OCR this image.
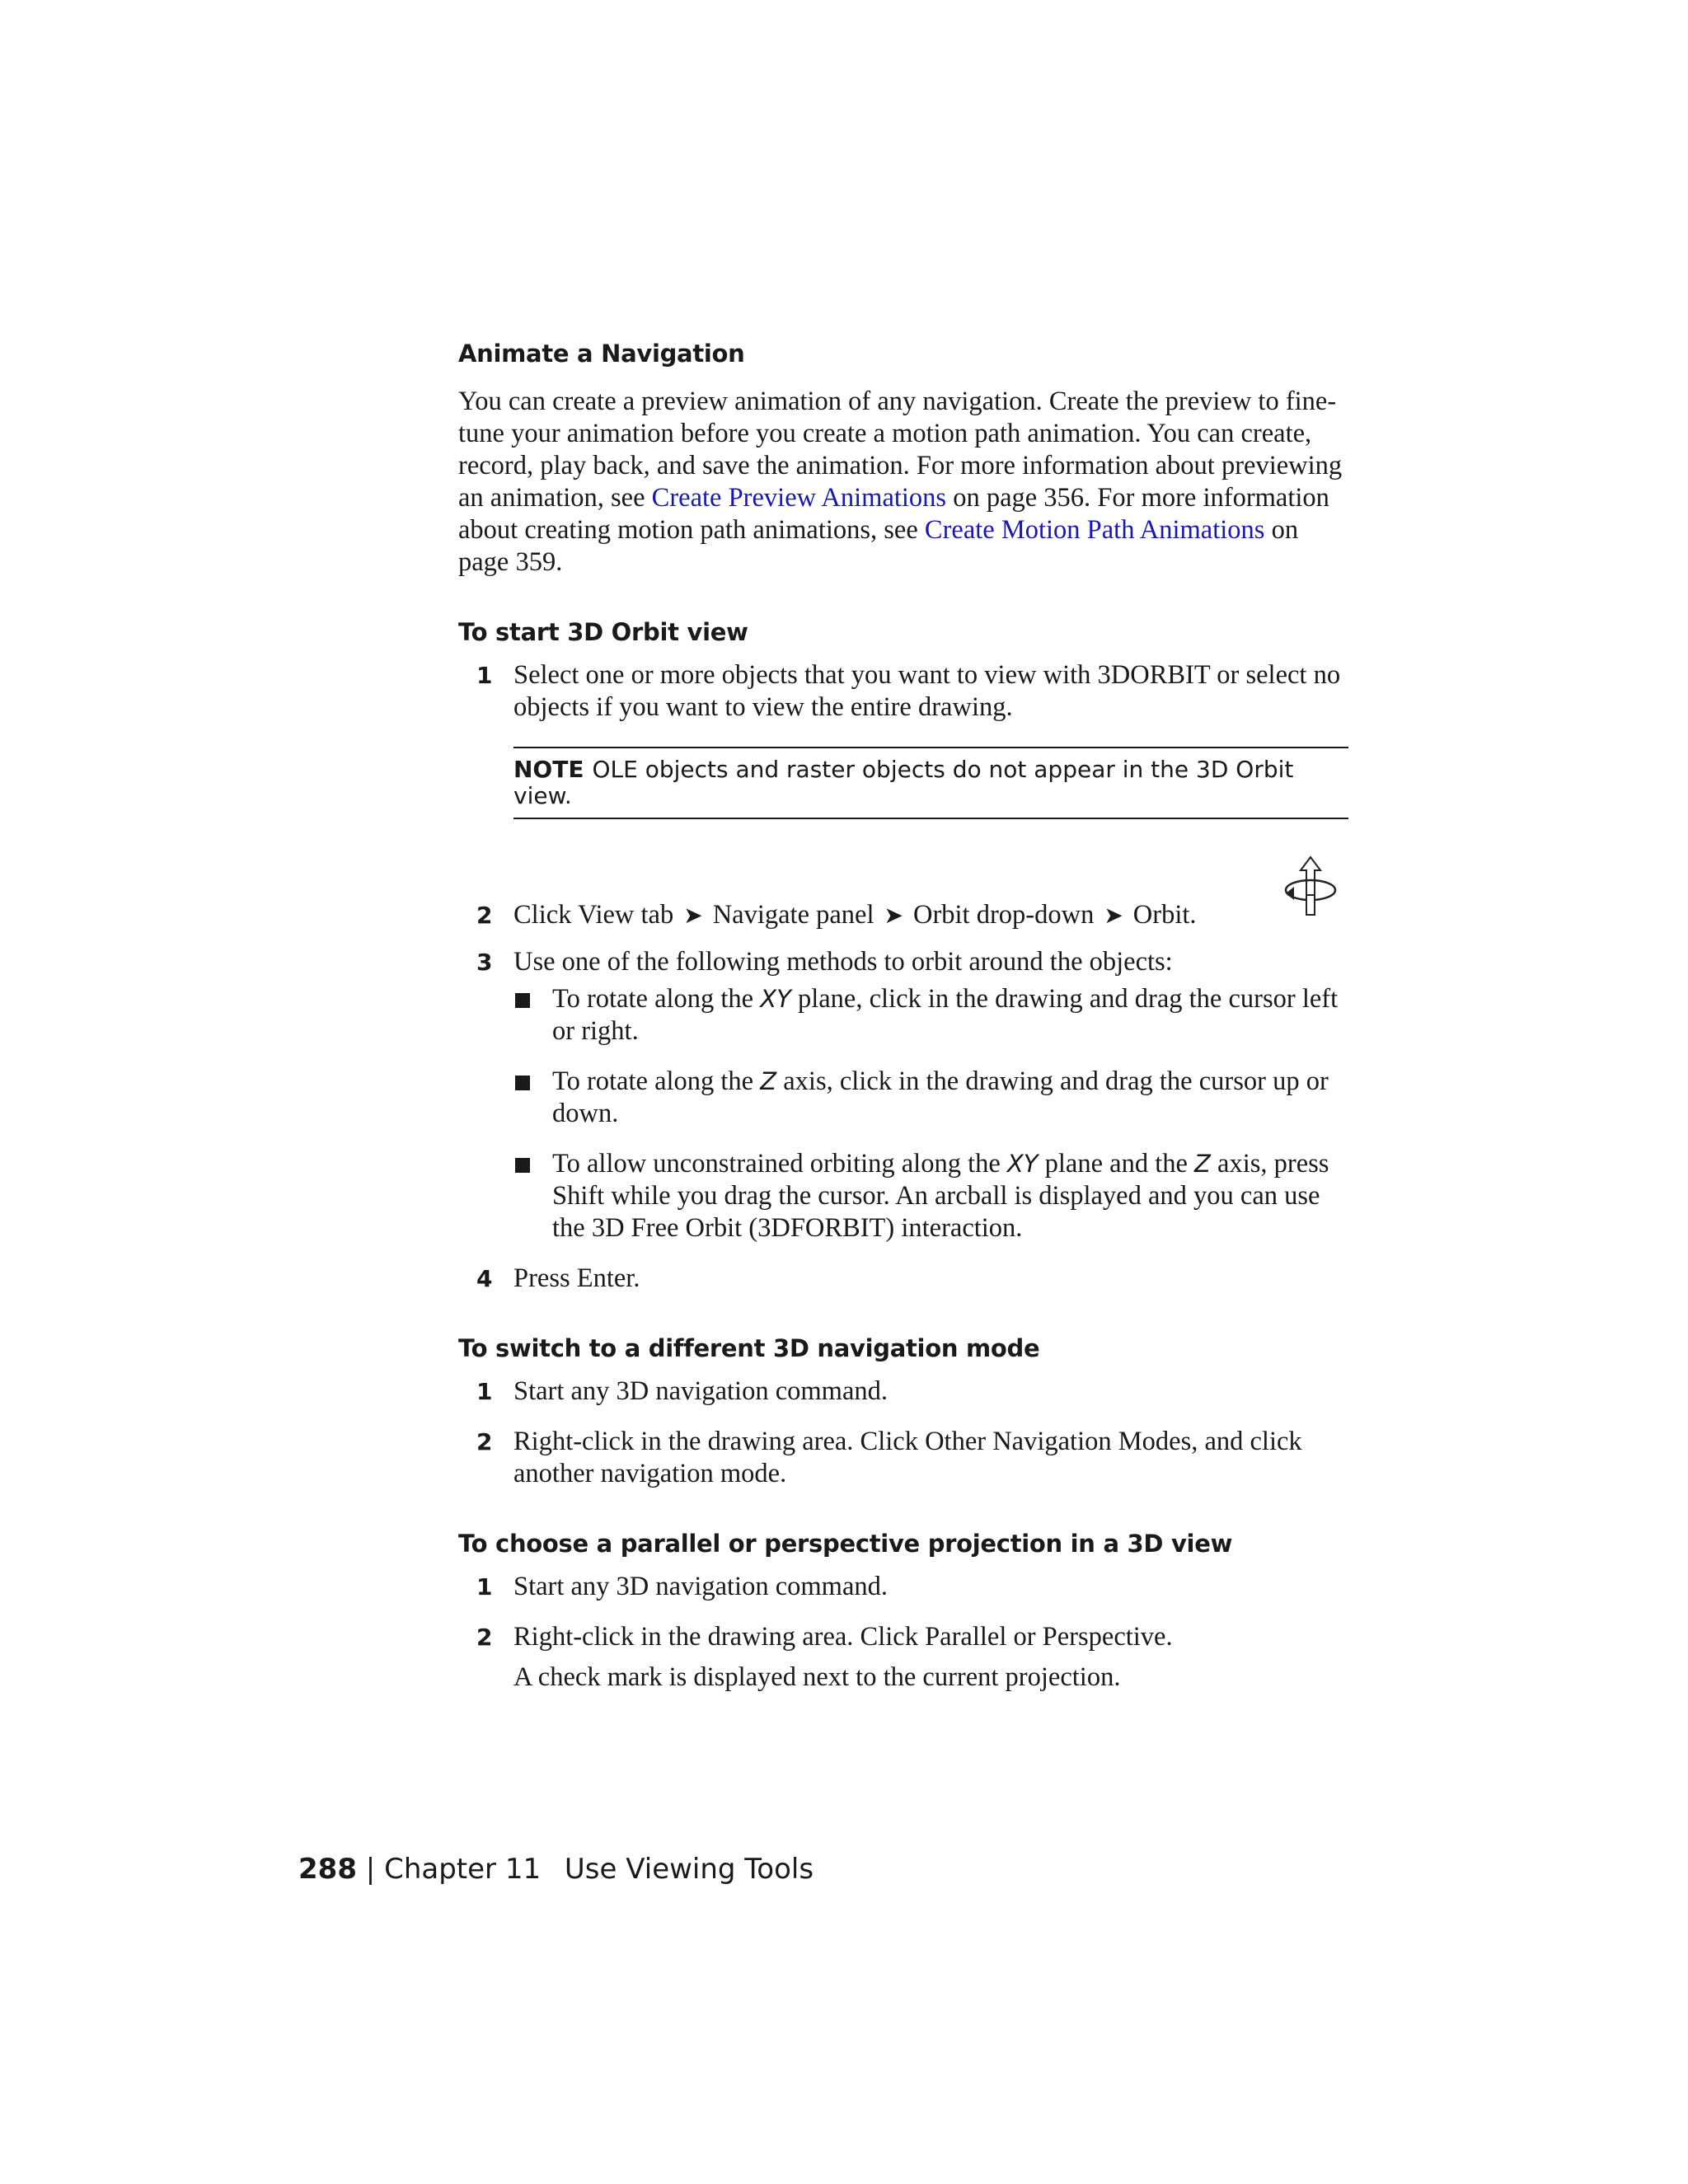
Animate a Navigation

You can create a preview animation of any navigation. Create the preview to fine-tune your animation before you create a motion path animation. You can create, record, play back, and save the animation. For more information about previewing an animation, see Create Preview Animations on page 356. For more information about creating motion path animations, see Create Motion Path Animations on page 359.

To start 3D Orbit view
1 Select one or more objects that you want to view with 3DORBIT or select no objects if you want to view the entire drawing.

NOTE OLE objects and raster objects do not appear in the 3D Orbit view.
2 Click View tab ➤ Navigate panel ➤ Orbit drop-down ➤ Orbit.
3 Use one of the following methods to orbit around the objects:

To rotate along the XY plane, click in the drawing and drag the cursor left or right.
To rotate along the Z axis, click in the drawing and drag the cursor up or down.
To allow unconstrained orbiting along the XY plane and the Z axis, press Shift while you drag the cursor. An arcball is displayed and you can use the 3D Free Orbit (3DFORBIT) interaction.
4 Press Enter.

To switch to a different 3D navigation mode
1 Start any 3D navigation command.

2 Right-click in the drawing area. Click Other Navigation Modes, and click another navigation mode.

To choose a parallel or perspective projection in a 3D view
1 Start any 3D navigation command.

2 Right-click in the drawing area. Click Parallel or Perspective.

A check mark is displayed next to the current projection.

288 | Chapter 11 Use Viewing Tools
